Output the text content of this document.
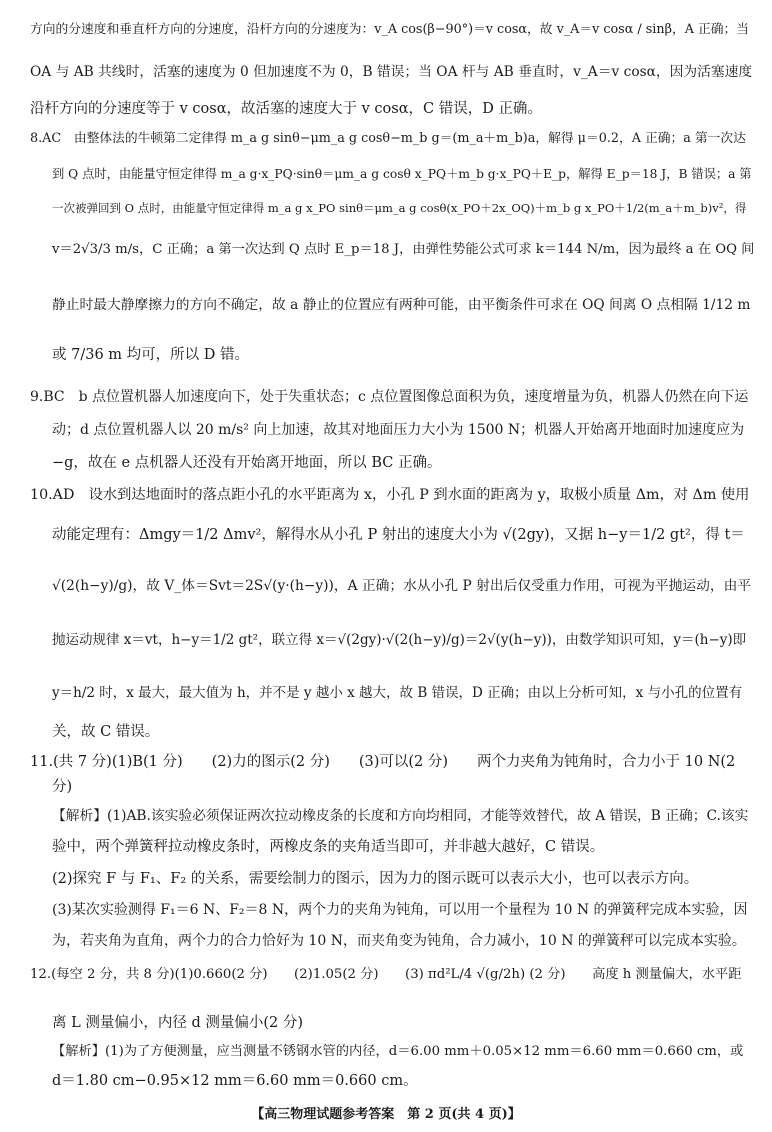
方向的分速度和垂直杆方向的分速度，沿杆方向的分速度为：v_A cos(β−90°)＝v cosα，故 v_A＝v cosα / sinβ，A 正确；当
OA 与 AB 共线时，活塞的速度为 0 但加速度不为 0，B 错误；当 OA 杆与 AB 垂直时，v_A＝v cosα，因为活塞速度
沿杆方向的分速度等于 v cosα，故活塞的速度大于 v cosα，C 错误，D 正确。
8.AC　由整体法的牛顿第二定律得 m_a g sinθ−μm_a g cosθ−m_b g＝(m_a＋m_b)a，解得 μ＝0.2，A 正确；a 第一次达
到 Q 点时，由能量守恒定律得 m_a g·x_PQ·sinθ＝μm_a g cosθ x_PQ＋m_b g·x_PQ＋E_p，解得 E_p＝18 J，B 错误；a 第
一次被弹回到 O 点时，由能量守恒定律得 m_a g x_PO sinθ＝μm_a g cosθ(x_PO＋2x_OQ)＋m_b g x_PO＋1/2(m_a＋m_b)v²，得
v＝2√3/3 m/s，C 正确；a 第一次达到 Q 点时 E_p＝18 J，由弹性势能公式可求 k＝144 N/m，因为最终 a 在 OQ 间
静止时最大静摩擦力的方向不确定，故 a 静止的位置应有两种可能，由平衡条件可求在 OQ 间离 O 点相隔 1/12 m
或 7/36 m 均可，所以 D 错。
9.BC　b 点位置机器人加速度向下，处于失重状态；c 点位置图像总面积为负，速度增量为负，机器人仍然在向下运
动；d 点位置机器人以 20 m/s² 向上加速，故其对地面压力大小为 1500 N；机器人开始离开地面时加速度应为
−g，故在 e 点机器人还没有开始离开地面，所以 BC 正确。
10.AD　设水到达地面时的落点距小孔的水平距离为 x，小孔 P 到水面的距离为 y，取极小质量 Δm，对 Δm 使用
动能定理有：Δmgy＝1/2 Δmv²，解得水从小孔 P 射出的速度大小为 √(2gy)，又据 h−y＝1/2 gt²，得 t＝
√(2(h−y)/g)，故 V_体＝Svt＝2S√(y·(h−y))，A 正确；水从小孔 P 射出后仅受重力作用，可视为平抛运动，由平
抛运动规律 x＝vt，h−y＝1/2 gt²，联立得 x＝√(2gy)·√(2(h−y)/g)＝2√(y(h−y))，由数学知识可知，y＝(h−y)即
y＝h/2 时，x 最大，最大值为 h，并不是 y 越小 x 越大，故 B 错误，D 正确；由以上分析可知，x 与小孔的位置有
关，故 C 错误。
11.(共 7 分)(1)B(1 分)　　(2)力的图示(2 分)　　(3)可以(2 分)　　两个力夹角为钝角时，合力小于 10 N(2
分)
【解析】(1)AB.该实验必须保证两次拉动橡皮条的长度和方向均相同，才能等效替代，故 A 错误，B 正确；C.该实
验中，两个弹簧秤拉动橡皮条时，两橡皮条的夹角适当即可，并非越大越好，C 错误。
(2)探究 F 与 F₁、F₂ 的关系，需要绘制力的图示，因为力的图示既可以表示大小，也可以表示方向。
(3)某次实验测得 F₁＝6 N、F₂＝8 N，两个力的夹角为钝角，可以用一个量程为 10 N 的弹簧秤完成本实验，因
为，若夹角为直角，两个力的合力恰好为 10 N，而夹角变为钝角，合力减小，10 N 的弹簧秤可以完成本实验。
12.(每空 2 分，共 8 分)(1)0.660(2 分)　　(2)1.05(2 分)　　(3) πd²L/4 √(g/2h) (2 分)　　高度 h 测量偏大，水平距
离 L 测量偏小，内径 d 测量偏小(2 分)
【解析】(1)为了方便测量，应当测量不锈钢水管的内径，d＝6.00 mm＋0.05×12 mm＝6.60 mm＝0.660 cm，或
d＝1.80 cm−0.95×12 mm＝6.60 mm＝0.660 cm。
【高三物理试题参考答案　第 2 页(共 4 页)】
